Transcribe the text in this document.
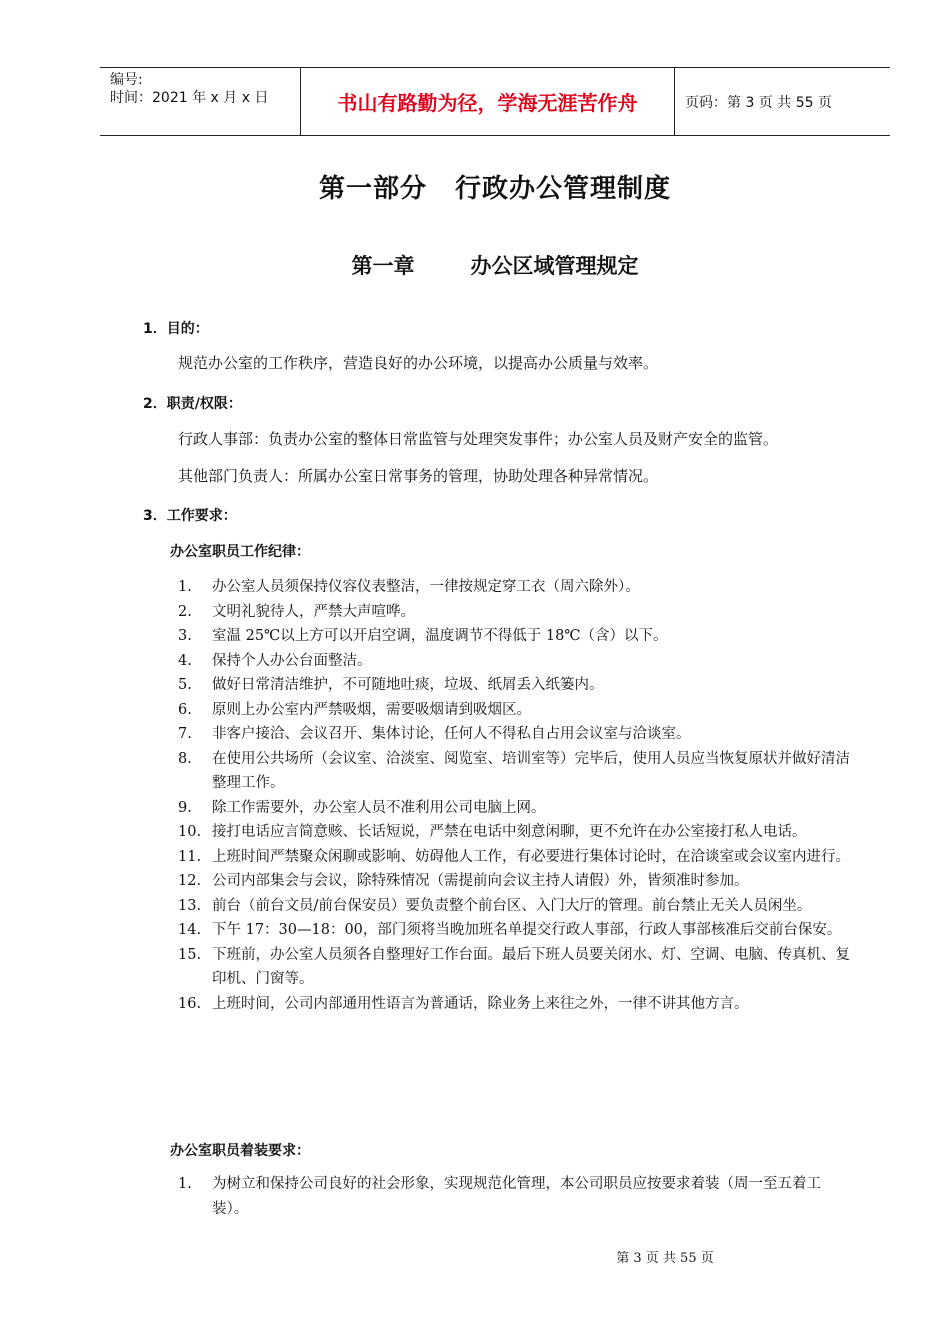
编号:
时间：2021 年 x 月 x 日	书山有路勤为径，学海无涯苦作舟	页码：第 3 页 共 55 页
第一部分 行政办公管理制度
第一章	办公区域管理规定
1．目的：
规范办公室的工作秩序，营造良好的办公环境，以提高办公质量与效率。
2．职责/权限：
行政人事部：负责办公室的整体日常监管与处理突发事件；办公室人员及财产安全的监管。
其他部门负责人：所属办公室日常事务的管理，协助处理各种异常情况。
3．工作要求：
办公室职员工作纪律：
1.	办公室人员须保持仪容仪表整洁，一律按规定穿工衣（周六除外）。
2.	文明礼貌待人，严禁大声喧哗。
3.	室温 25℃以上方可以开启空调，温度调节不得低于 18℃（含）以下。
4.	保持个人办公台面整洁。
5.	做好日常清洁维护，不可随地吐痰，垃圾、纸屑丢入纸篓内。
6.	原则上办公室内严禁吸烟，需要吸烟请到吸烟区。
7.	非客户接洽、会议召开、集体讨论，任何人不得私自占用会议室与洽谈室。
8.	在使用公共场所（会议室、洽淡室、阅览室、培训室等）完毕后，使用人员应当恢复原状并做好清洁整理工作。
9.	除工作需要外，办公室人员不准利用公司电脑上网。
10. 接打电话应言简意赅、长话短说，严禁在电话中刻意闲聊，更不允许在办公室接打私人电话。
11. 上班时间严禁聚众闲聊或影响、妨碍他人工作，有必要进行集体讨论时，在洽谈室或会议室内进行。
12. 公司内部集会与会议，除特殊情况（需提前向会议主持人请假）外，皆须准时参加。
13. 前台（前台文员/前台保安员）要负责整个前台区、入门大厅的管理。前台禁止无关人员闲坐。
14. 下午 17：30—18：00，部门须将当晚加班名单提交行政人事部，行政人事部核准后交前台保安。
15. 下班前，办公室人员须各自整理好工作台面。最后下班人员要关闭水、灯、空调、电脑、传真机、复印机、门窗等。
16. 上班时间，公司内部通用性语言为普通话，除业务上来往之外，一律不讲其他方言。
办公室职员着装要求：
1.	为树立和保持公司良好的社会形象，实现规范化管理，本公司职员应按要求着装（周一至五着工装）。
第 3 页 共 55 页
